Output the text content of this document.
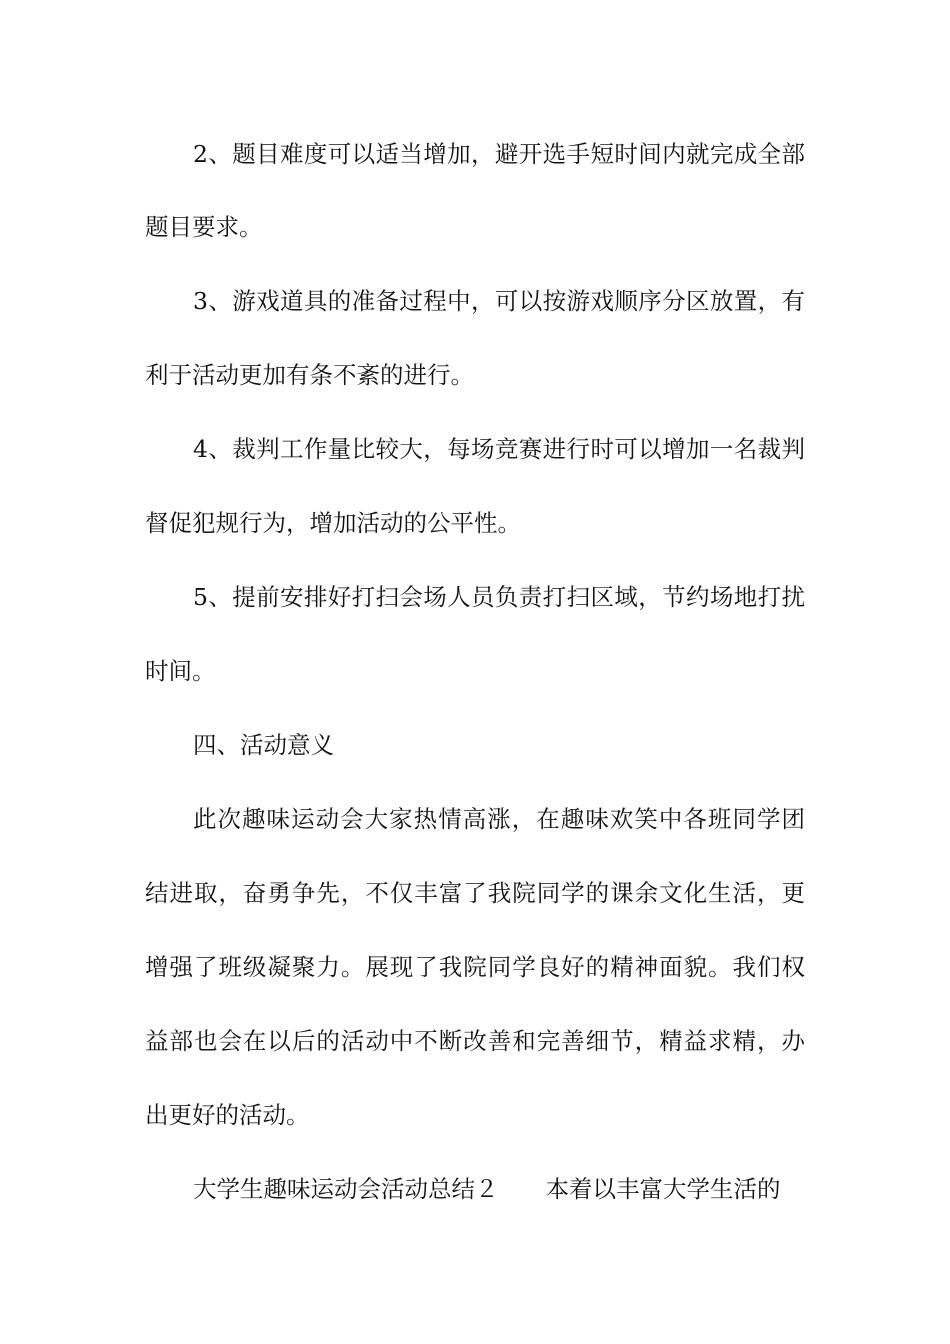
2、题目难度可以适当增加，避开选手短时间内就完成全部
题目要求。
3、游戏道具的准备过程中，可以按游戏顺序分区放置，有
利于活动更加有条不紊的进行。
4、裁判工作量比较大，每场竞赛进行时可以增加一名裁判
督促犯规行为，增加活动的公平性。
5、提前安排好打扫会场人员负责打扫区域，节约场地打扰
时间。
四、活动意义
此次趣味运动会大家热情高涨，在趣味欢笑中各班同学团
结进取，奋勇争先，不仅丰富了我院同学的课余文化生活，更
增强了班级凝聚力。展现了我院同学良好的精神面貌。我们权
益部也会在以后的活动中不断改善和完善细节，精益求精，办
出更好的活动。
大学生趣味运动会活动总结２　　本着以丰富大学生活的
